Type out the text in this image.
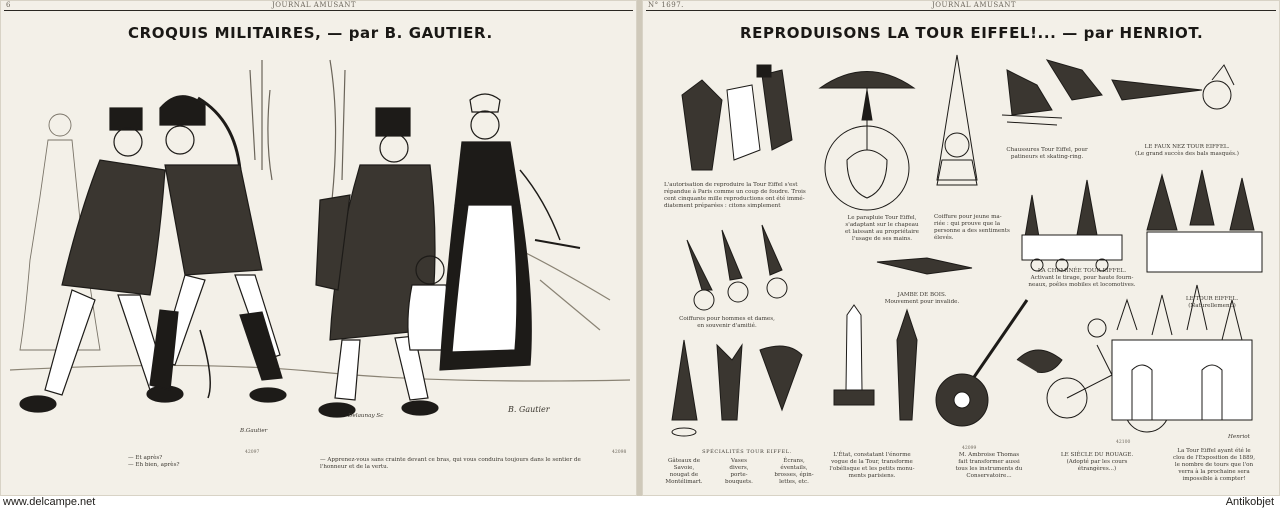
6	JOURNAL AMUSANT
CROQUIS MILITAIRES, — par B. GAUTIER.
B.Gautier
Delaunay Sc
B. Gautier
42097	42098
— Et après?
— Eh bien, après?
— Apprenez-vous sans crainte devant ce bras, qui vous conduira toujours dans le sentier de
l'honneur et de la vertu.
N° 1697.	JOURNAL AMUSANT
REPRODUISONS LA TOUR EIFFEL!... — par HENRIOT.
L'autorisation de reproduire la Tour Eiffel s'est
répandue à Paris comme un coup de foudre. Trois
cent cinquante mille reproductions ont été immé-
diatement préparées : citons simplement
Le parapluie Tour Eiffel,
s'adaptant sur le chapeau
et laissant au propriétaire
l'usage de ses mains.
Coiffure pour jeune ma-
riée : qui prouve que la
personne a des sentiments
élevés.
Chaussures Tour Eiffel, pour
patineurs et skating-ring.
LE FAUX NEZ TOUR EIFFEL.
(Le grand succès des bals masqués.)
Coiffures pour hommes et dames,
en souvenir d'amitié.
JAMBE DE BOIS.
Mouvement pour invalide.
LA CHEMINÉE TOUR EIFFEL.
Activant le tirage, pour haute fourn-
neaux, poêles mobiles et locomotives.
LE TOUR EIFFEL.
(Naturellement.)
SPÉCIALITÉS TOUR EIFFEL.
Gâteaux de
Savoie,
nougat de
Montélimart.
Vases
divers,
porte-
bouquets.
Écrans,
éventails,
brosses, épin-
lettes, etc.
L'État, constatant l'énorme
vogue de la Tour, transforme
l'obélisque et les petits monu-
ments parisiens.
M. Ambroise Thomas
fait transformer aussi
tous les instruments du
Conservatoire...
LE SIÈCLE DU ROUAGE.
(Adopté par les cours
étrangères...)
La Tour Eiffel ayant été le
clou de l'Exposition de 1889,
le nombre de tours que l'on
verra à la prochaine sera
impossible à compter!
Henriot
42099
42100
www.delcampe.net	Antikobjet
